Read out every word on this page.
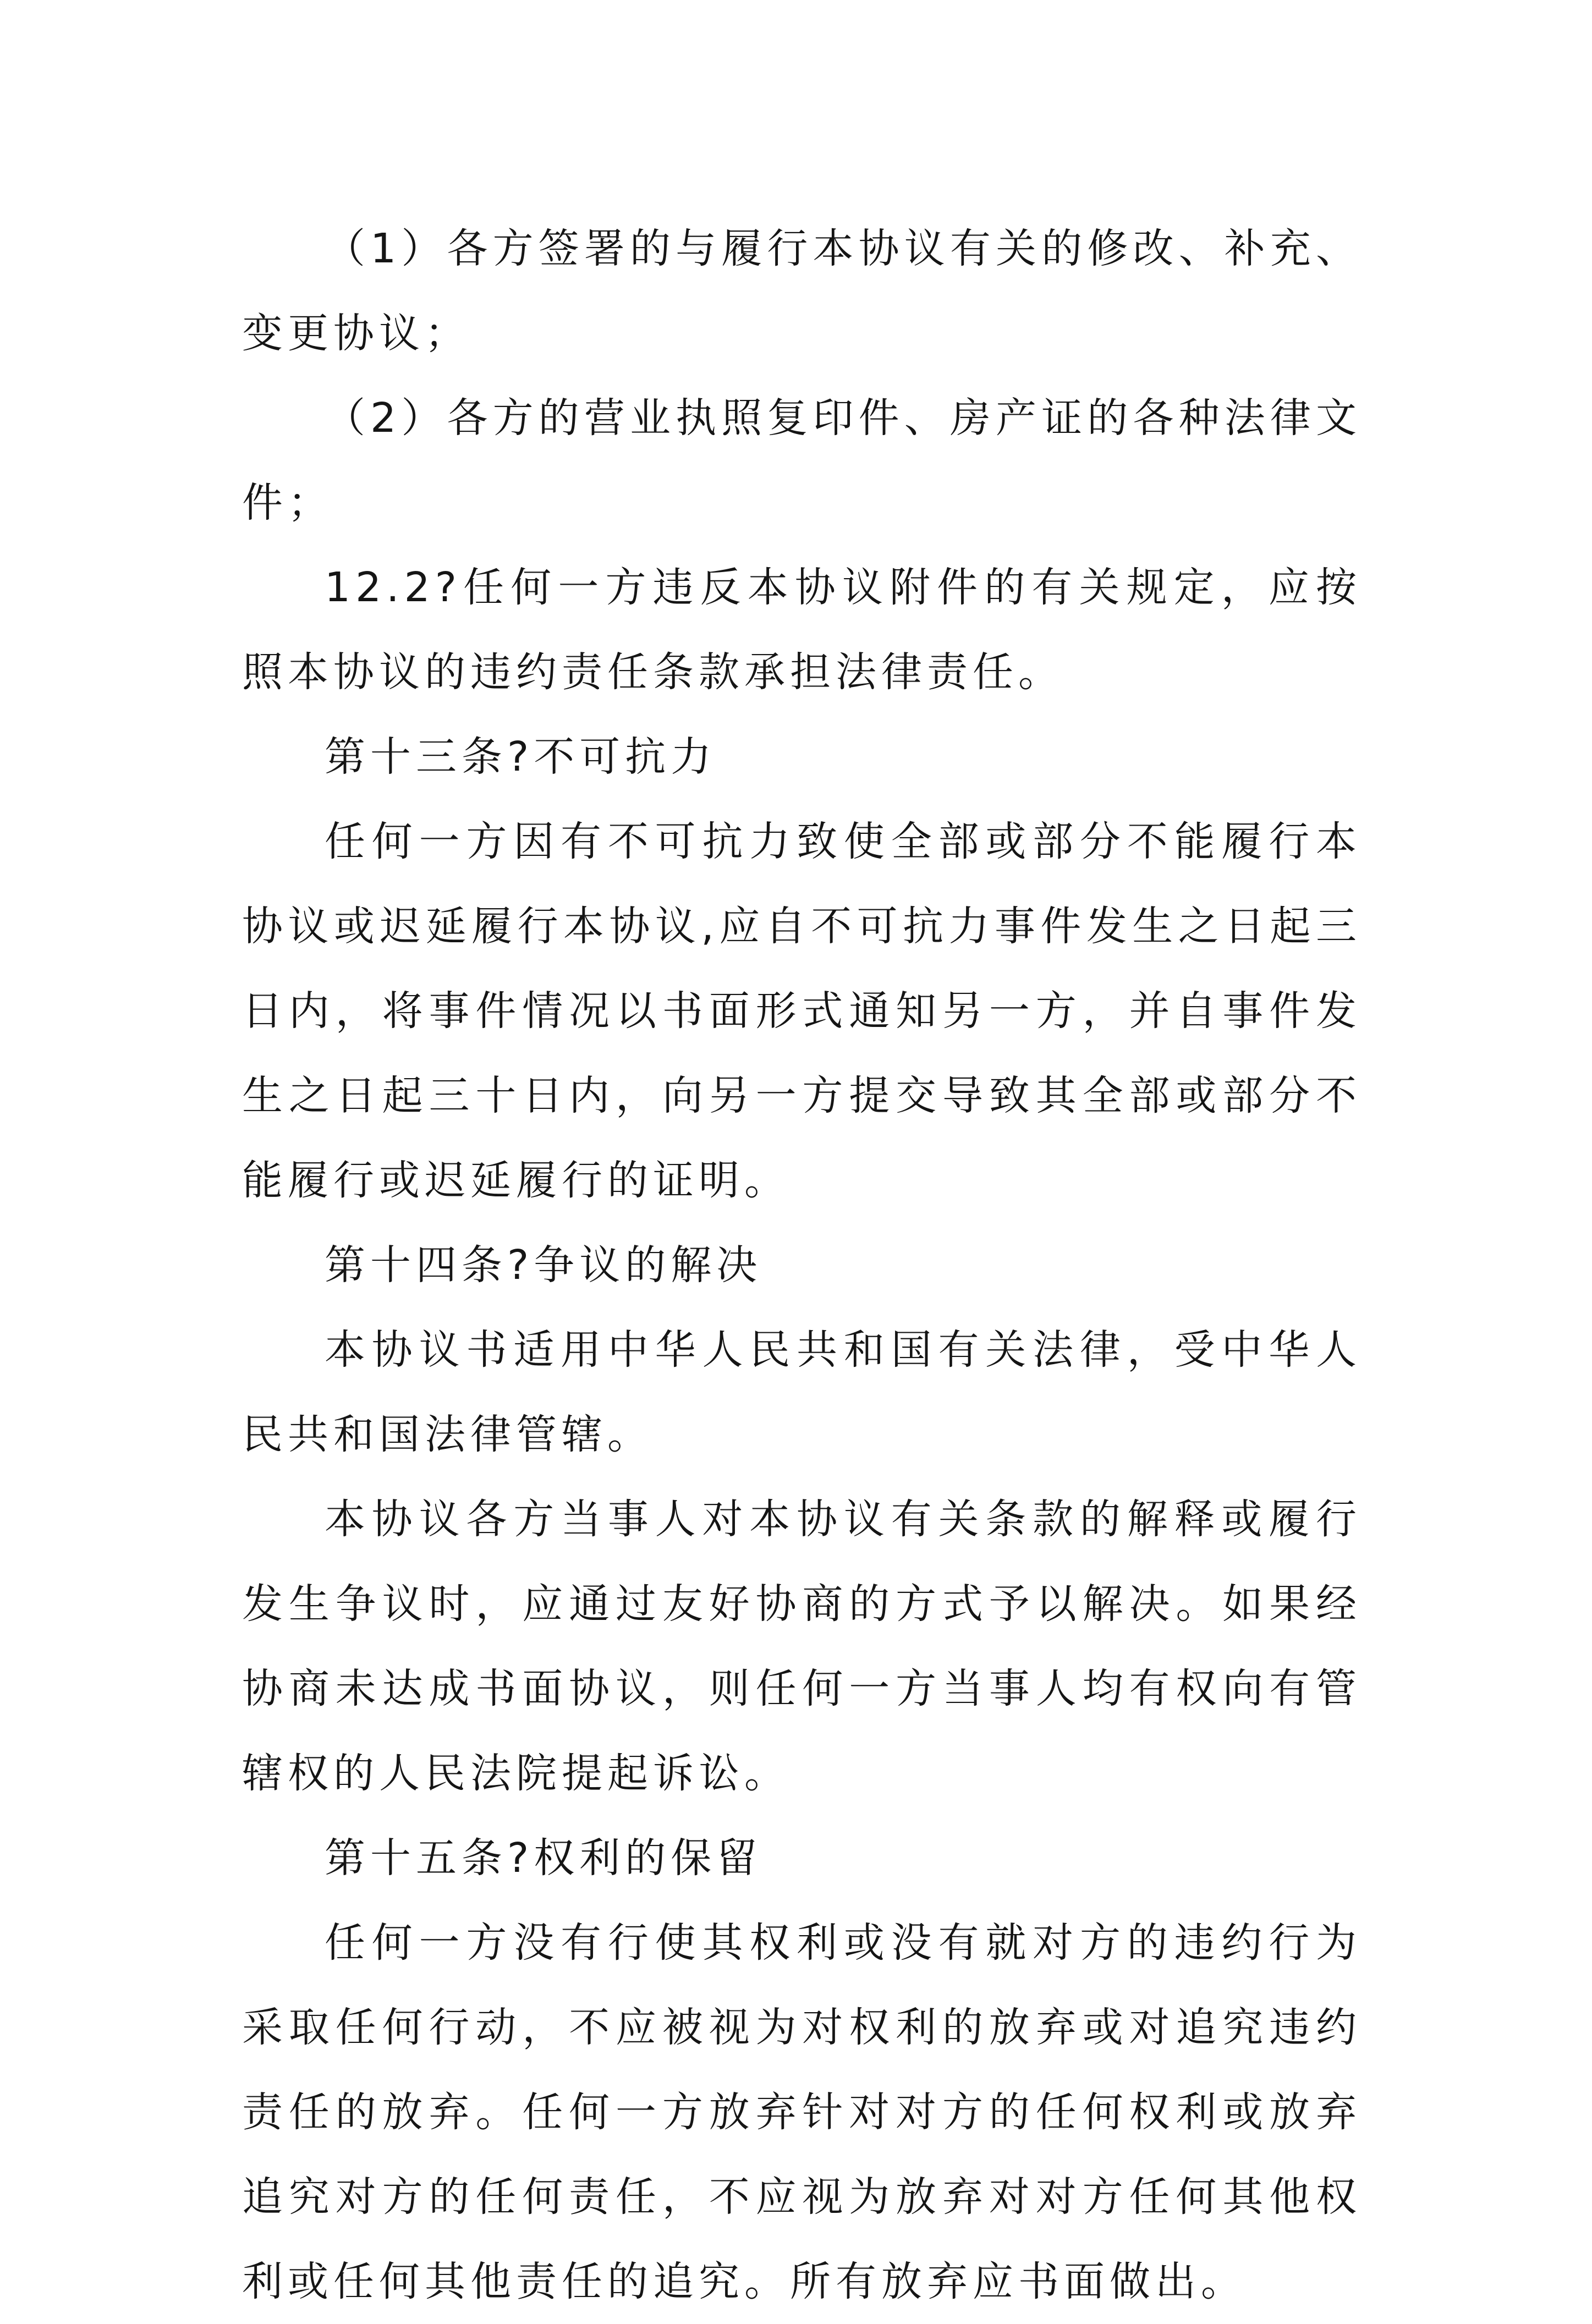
（1）各方签署的与履行本协议有关的修改、补充、变更协议；

（2）各方的营业执照复印件、房产证的各种法律文件；

12.2?任何一方违反本协议附件的有关规定，应按照本协议的违约责任条款承担法律责任。

第十三条?不可抗力

任何一方因有不可抗力致使全部或部分不能履行本协议或迟延履行本协议,应自不可抗力事件发生之日起三日内，将事件情况以书面形式通知另一方，并自事件发生之日起三十日内，向另一方提交导致其全部或部分不能履行或迟延履行的证明。

第十四条?争议的解决

本协议书适用中华人民共和国有关法律，受中华人民共和国法律管辖。

本协议各方当事人对本协议有关条款的解释或履行发生争议时，应通过友好协商的方式予以解决。如果经协商未达成书面协议，则任何一方当事人均有权向有管辖权的人民法院提起诉讼。

第十五条?权利的保留

任何一方没有行使其权利或没有就对方的违约行为采取任何行动，不应被视为对权利的放弃或对追究违约责任的放弃。任何一方放弃针对对方的任何权利或放弃追究对方的任何责任，不应视为放弃对对方任何其他权利或任何其他责任的追究。所有放弃应书面做出。
